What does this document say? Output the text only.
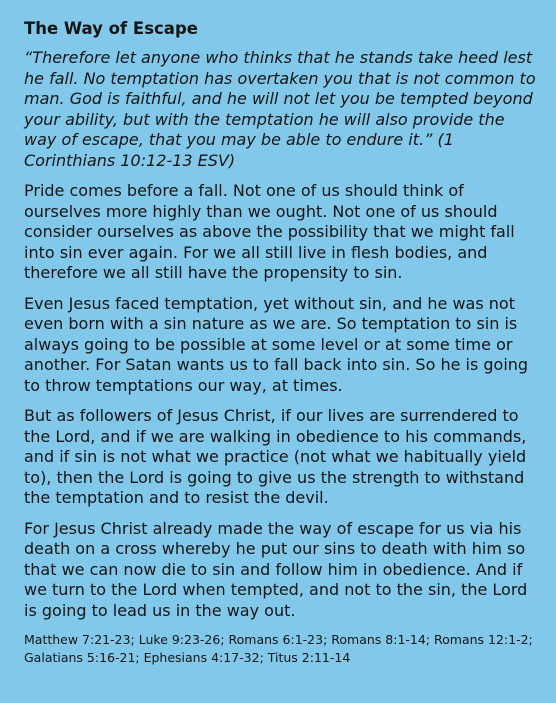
The Way of Escape
“Therefore let anyone who thinks that he stands take heed lest he fall. No temptation has overtaken you that is not common to man. God is faithful, and he will not let you be tempted beyond your ability, but with the temptation he will also provide the way of escape, that you may be able to endure it.” (1 Corinthians 10:12-13 ESV)
Pride comes before a fall. Not one of us should think of ourselves more highly than we ought. Not one of us should consider ourselves as above the possibility that we might fall into sin ever again. For we all still live in flesh bodies, and therefore we all still have the propensity to sin.
Even Jesus faced temptation, yet without sin, and he was not even born with a sin nature as we are. So temptation to sin is always going to be possible at some level or at some time or another. For Satan wants us to fall back into sin. So he is going to throw temptations our way, at times.
But as followers of Jesus Christ, if our lives are surrendered to the Lord, and if we are walking in obedience to his commands, and if sin is not what we practice (not what we habitually yield to), then the Lord is going to give us the strength to withstand the temptation and to resist the devil.
For Jesus Christ already made the way of escape for us via his death on a cross whereby he put our sins to death with him so that we can now die to sin and follow him in obedience. And if we turn to the Lord when tempted, and not to the sin, the Lord is going to lead us in the way out.
Matthew 7:21-23; Luke 9:23-26; Romans 6:1-23; Romans 8:1-14; Romans 12:1-2; Galatians 5:16-21; Ephesians 4:17-32; Titus 2:11-14
